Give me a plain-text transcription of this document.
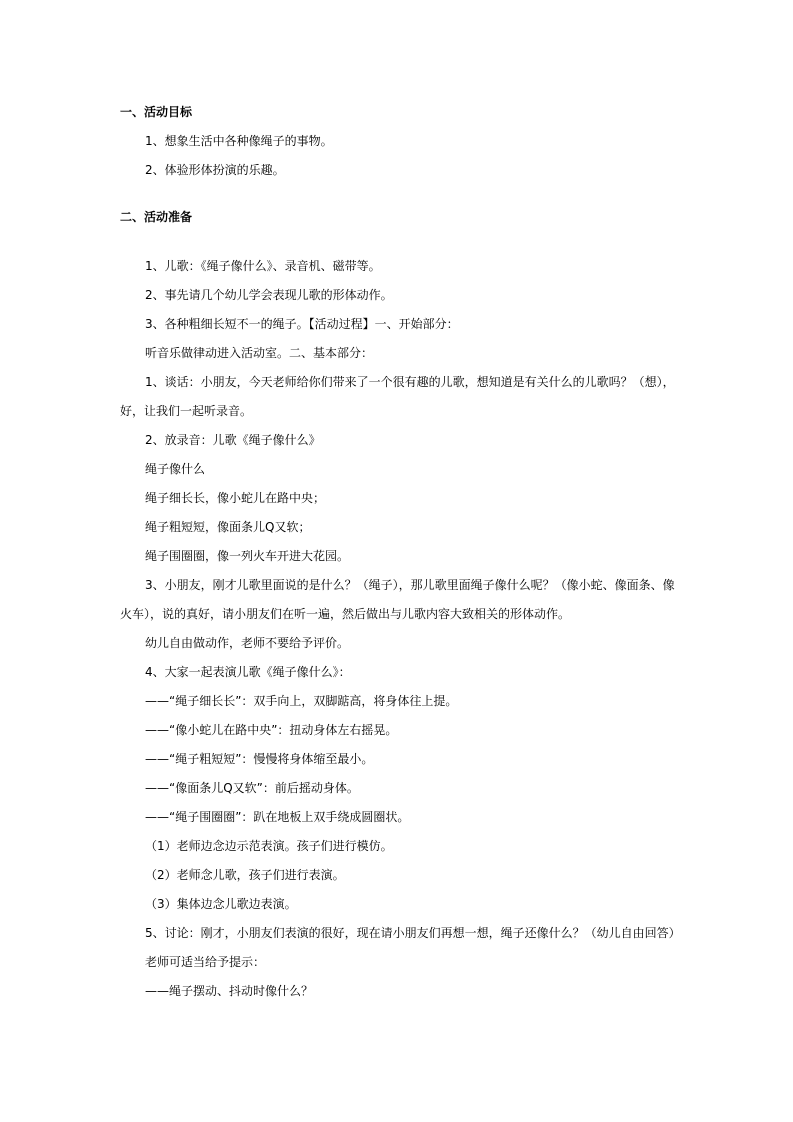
一、活动目标
1、想象生活中各种像绳子的事物。
2、体验形体扮演的乐趣。
二、活动准备
1、儿歌：《绳子像什么》、录音机、磁带等。
2、事先请几个幼儿学会表现儿歌的形体动作。
3、各种粗细长短不一的绳子。【活动过程】一、开始部分：
听音乐做律动进入活动室。二、基本部分：
1、谈话：小朋友，今天老师给你们带来了一个很有趣的儿歌，想知道是有关什么的儿歌吗？（想），
好，让我们一起听录音。
2、放录音：儿歌《绳子像什么》
绳子像什么
绳子细长长，像小蛇儿在路中央；
绳子粗短短，像面条儿Q又软；
绳子围圈圈，像一列火车开进大花园。
3、小朋友，刚才儿歌里面说的是什么？（绳子），那儿歌里面绳子像什么呢？（像小蛇、像面条、像
火车），说的真好，请小朋友们在听一遍，然后做出与儿歌内容大致相关的形体动作。
幼儿自由做动作，老师不要给予评价。
4、大家一起表演儿歌《绳子像什么》：
——“绳子细长长”：双手向上，双脚踮高，将身体往上提。
——“像小蛇儿在路中央”：扭动身体左右摇晃。
——“绳子粗短短”：慢慢将身体缩至最小。
——“像面条儿Q又软”：前后摇动身体。
——“绳子围圈圈”：趴在地板上双手绕成圆圈状。
（1）老师边念边示范表演。孩子们进行模仿。
（2）老师念儿歌，孩子们进行表演。
（3）集体边念儿歌边表演。
5、讨论：刚才，小朋友们表演的很好，现在请小朋友们再想一想，绳子还像什么？（幼儿自由回答）
老师可适当给予提示：
——绳子摆动、抖动时像什么？
